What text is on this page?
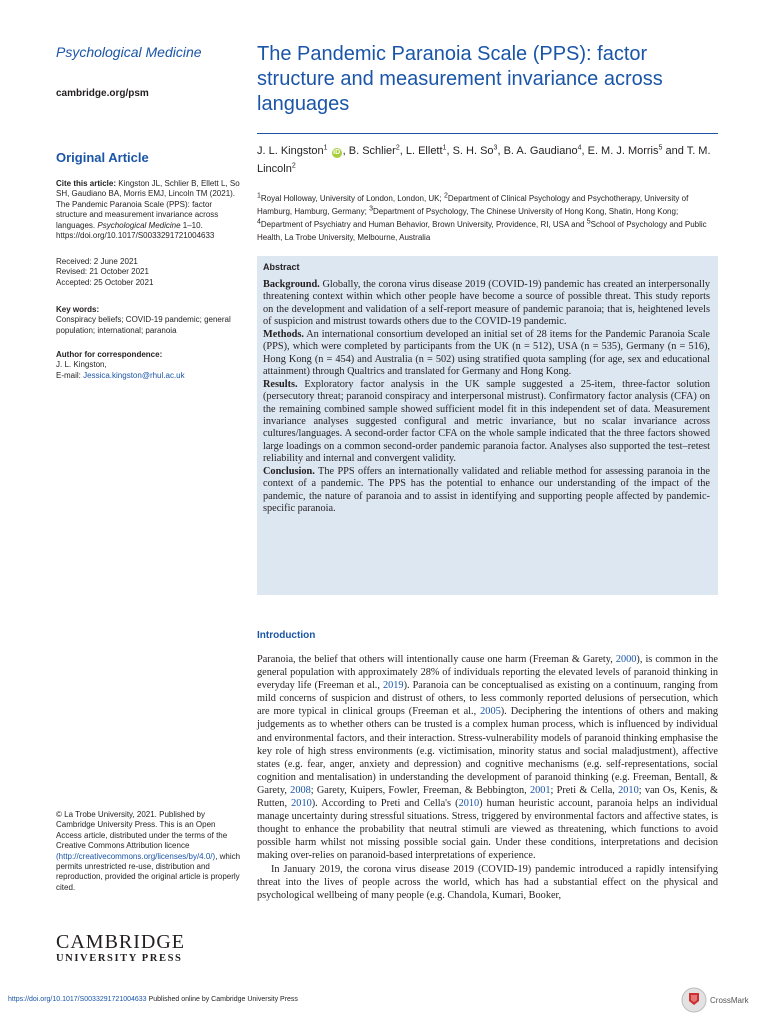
Psychological Medicine
cambridge.org/psm
Original Article
Cite this article: Kingston JL, Schlier B, Ellett L, So SH, Gaudiano BA, Morris EMJ, Lincoln TM (2021). The Pandemic Paranoia Scale (PPS): factor structure and measurement invariance across languages. Psychological Medicine 1–10. https://doi.org/10.1017/S0033291721004633
Received: 2 June 2021
Revised: 21 October 2021
Accepted: 25 October 2021
Key words:
Conspiracy beliefs; COVID-19 pandemic; general population; international; paranoia
Author for correspondence:
J. L. Kingston,
E-mail: Jessica.kingston@rhul.ac.uk
© La Trobe University, 2021. Published by Cambridge University Press. This is an Open Access article, distributed under the terms of the Creative Commons Attribution licence (http://creativecommons.org/licenses/by/4.0/), which permits unrestricted re-use, distribution and reproduction, provided the original article is properly cited.
CAMBRIDGE
UNIVERSITY PRESS
The Pandemic Paranoia Scale (PPS): factor structure and measurement invariance across languages
J. L. Kingston$^1$ iD , B. Schlier$^2$, L. Ellett$^1$, S. H. So$^3$, B. A. Gaudiano$^4$, E. M. J. Morris$^5$ and T. M. Lincoln$^2$
$^1$Royal Holloway, University of London, London, UK; $^2$Department of Clinical Psychology and Psychotherapy, University of Hamburg, Hamburg, Germany; $^3$Department of Psychology, The Chinese University of Hong Kong, Shatin, Hong Kong; $^4$Department of Psychiatry and Human Behavior, Brown University, Providence, RI, USA and $^5$School of Psychology and Public Health, La Trobe University, Melbourne, Australia
Abstract

Background. Globally, the corona virus disease 2019 (COVID-19) pandemic has created an interpersonally threatening context within which other people have become a source of possible threat. This study reports on the development and validation of a self-report measure of pandemic paranoia; that is, heightened levels of suspicion and mistrust towards others due to the COVID-19 pandemic.

Methods. An international consortium developed an initial set of 28 items for the Pandemic Paranoia Scale (PPS), which were completed by participants from the UK (n = 512), USA (n = 535), Germany (n = 516), Hong Kong (n = 454) and Australia (n = 502) using stratified quota sampling (for age, sex and educational attainment) through Qualtrics and translated for Germany and Hong Kong.

Results. Exploratory factor analysis in the UK sample suggested a 25-item, three-factor solution (persecutory threat; paranoid conspiracy and interpersonal mistrust). Confirmatory factor analysis (CFA) on the remaining combined sample showed sufficient model fit in this independent set of data. Measurement invariance analyses suggested configural and metric invariance, but no scalar invariance across cultures/languages. A second-order factor CFA on the whole sample indicated that the three factors showed large loadings on a common second-order pandemic paranoia factor. Analyses also supported the test–retest reliability and internal and convergent validity.

Conclusion. The PPS offers an internationally validated and reliable method for assessing paranoia in the context of a pandemic. The PPS has the potential to enhance our understanding of the impact of the pandemic, the nature of paranoia and to assist in identifying and supporting people affected by pandemic-specific paranoia.

Introduction

Paranoia, the belief that others will intentionally cause one harm (Freeman & Garety, 2000), is common in the general population with approximately 28% of individuals reporting the elevated levels of paranoid thinking in everyday life (Freeman et al., 2019). Paranoia can be conceptualised as existing on a continuum, ranging from mild concerns of suspicion and distrust of others, to less commonly reported delusions of persecution, which are more typical in clinical groups (Freeman et al., 2005). Deciphering the intentions of others and making judgements as to whether others can be trusted is a complex human process, which is influenced by individual and environmental factors, and their interaction. Stress-vulnerability models of paranoid thinking emphasise the key role of high stress environments (e.g. victimisation, minority status and social maladjustment), affective states (e.g. fear, anger, anxiety and depression) and cognitive mechanisms (e.g. self-representations, social cognition and mentalisation) in understanding the development of paranoid thinking (e.g. Freeman, Bentall, & Garety, 2008; Garety, Kuipers, Fowler, Freeman, & Bebbington, 2001; Preti & Cella, 2010; van Os, Kenis, & Rutten, 2010). According to Preti and Cella's (2010) human heuristic account, paranoia helps an individual manage uncertainty during stressful situations. Stress, triggered by environmental factors and affective states, is thought to enhance the probability that neutral stimuli are viewed as threatening, which functions to avoid possible harm whilst not missing possible social gain. Under these conditions, interpretations and decision making over-relies on paranoid-based interpretations of experience.

In January 2019, the corona virus disease 2019 (COVID-19) pandemic introduced a rapidly intensifying threat into the lives of people across the world, which has had a substantial effect on the physical and psychological wellbeing of many people (e.g. Chandola, Kumari, Booker,

https://doi.org/10.1017/S0033291721004633 Published online by Cambridge University Press	CrossMark
